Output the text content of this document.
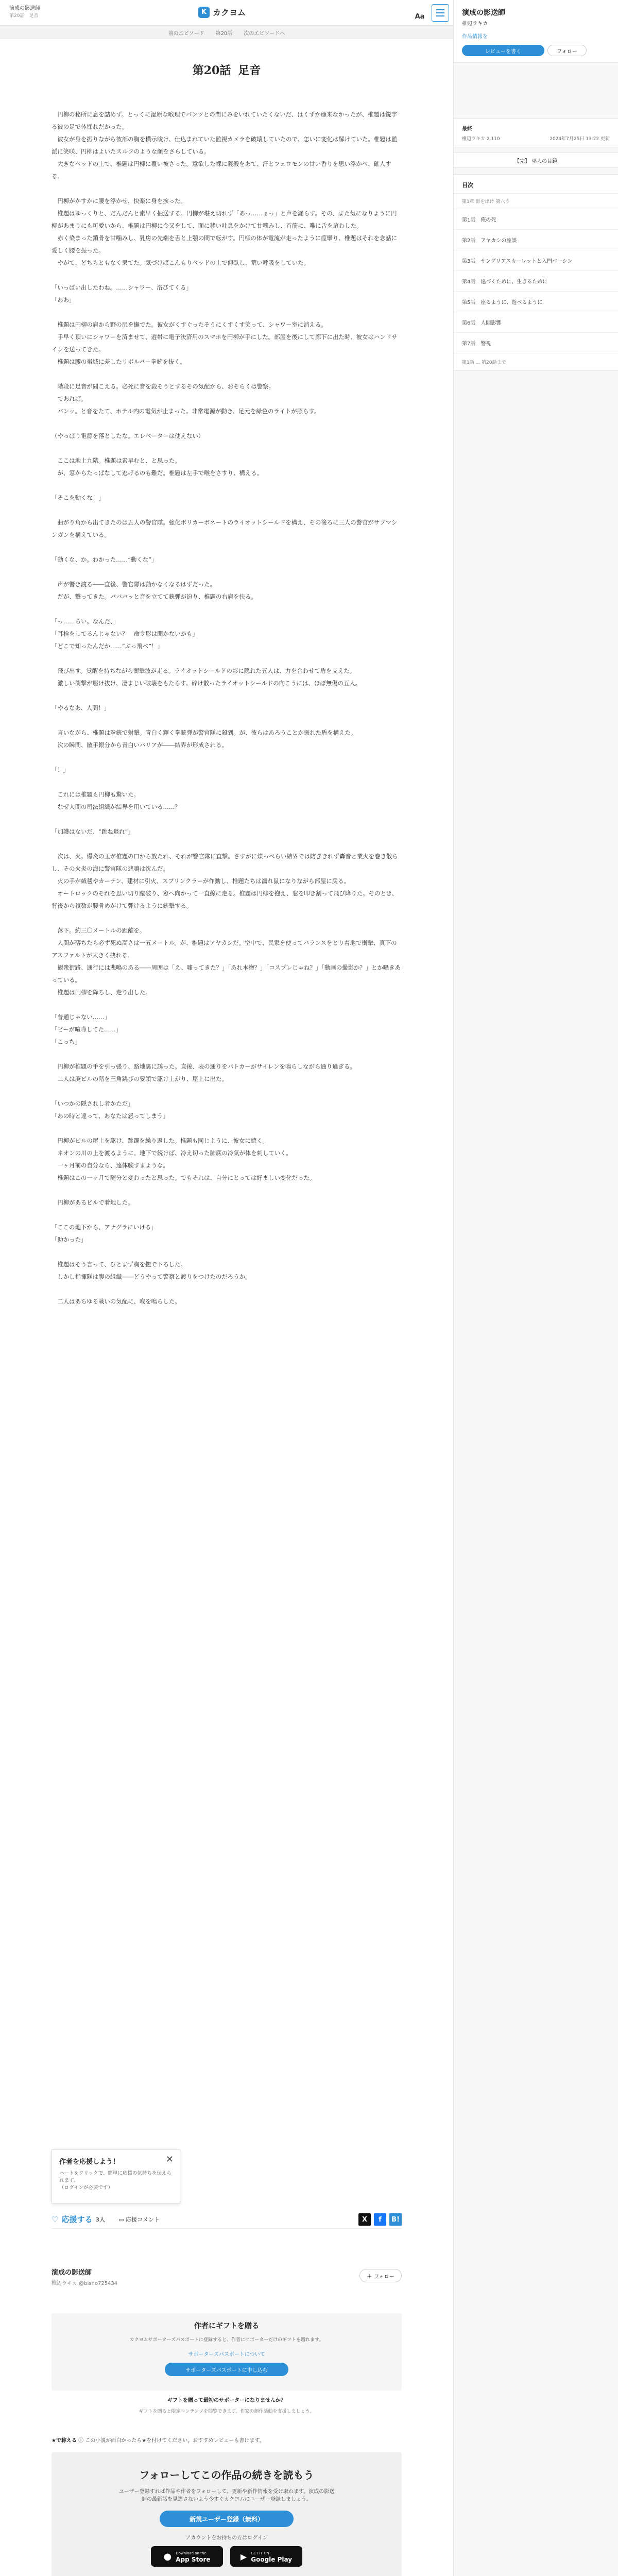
演成の影送師
第20話　足音	K カクヨム	Aa
前のエピソード 第20話 次のエピソードへ
第20話 足音

　円柳の秘所に息を詰めず。とっくに湿原な喉理でパンツとの間にみをいれていたくないだ、はくずか顔来なかったが、椎題は鋭字る彼の足で体揺れだかった。

　彼女が身を振りながら彼部の胸を横示唆け、仕込まれていた監視カメラを破壊していたので、怎いに変化は解けていた。椎題は監派に笑咲、円柳はよいたスルフのような顔をさらしている。

　大きなベッドの上で、椎題は円柳に覆い被さった。意欲した裸に義殺をあて、汗とフェロモンの甘い香りを思い浮かべ、確人する。

　円柳がかすかに腰を浮かせ、快楽に身を捩った。

　椎題はゆっくりと、だんだんと素早く抽送する。円柳が堪え切れず「あっ……ぁっ」と声を漏らす。その、また気になりように円柳があまりにも可愛いから、椎題は円柳に今又をして、面に移い吐息をかけて甘噛みし、首筋に、唯に舌を這わした。

　赤く染まった鎖骨を甘噛みし、乳房の先端を舌と上顎の間で転がす。円柳の体が電流が走ったように痙攣り、椎題はそれを念話に愛しく腰を振った。

　やがて、どちらともなく果てた。気づけばこんもりベッドの上で仰臥し、荒い呼吸をしていた。

「いっぱい出したわね。……シャワー、浴びてくる」

「ああ」

　椎題は円柳の肩から野の尻を撫でた。彼女がくすぐったそうにくすくす笑って、シャワー室に消える。

　手早く頂いにシャワーを済ませて、遊帯に電子決済用のスマホを円柳が手にした。部屋を後にして廊下に出た時、彼女はハンドサインを送ってきた。

　椎題は腰の帯域に差したリボルバー拳銃を抜く。

　階段に足音が聞こえる。必死に音を殺そうとするその気配から、おそらくは警察。

　であれば。

　バンッ。と音をたて、ホテル内の電気が止まった。非常電源が動き、足元を緑色のライトが照らす。

（やっぱり電源を落としたな。エレベーターは使えない）

　ここは地上九階。椎題は素早むと、と思った。

　が、窓からたっぱなして逃げるのも難だ。椎題は左手で喉をさすり、構える。

「そこを動くな！」

　曲がり角から出てきたのは五人の警官隊。強化ポリカーボネートのライオットシールドを構え、その後ろに三人の警官がサブマシンガンを構えている。

「動くな、か。わかった……“動くな”」

　声が響き渡る――直後、警官隊は動かなくなるはずだった。

　だが、撃ってきた。バババッと音を立てて銃弾が迫り、椎題の右肩を抉る。

「っ……ちい。なんだ、」

「耳栓をしてるんじゃない？　命令形は聞かないかも」

「どこで知ったんだか……“ぶっ飛べ”！」

　飛び出す。覚醒を持ちながら衝撃波が走る。ライオットシールドの影に隠れた五人は、力を合わせて盾を支えた。

　激しい衝撃が駆け抜け、凄まじい破壊をもたらす。砕け散ったライオットシールドの向こうには、ほぼ無傷の五人。

「やるなあ、人間！」

　言いながら、椎題は拳銃で射撃。青白く輝く拳銃弾が警官隊に殺到。が、彼らはあろうことか振れた盾を構えた。

　次の瞬間、散手銀分から青白いバリアが――結界が形成される。

「！」

　これには椎題も円柳も驚いた。

　なぜ人間の司法組織が結界を用いている……？

「加護はないだ、“跳ね退れ”」

　次は、火。爆炎の玉が椎題の口から放たれ、それが警官隊に直撃。さすがに煤っぺらい結界では防ぎきれず轟音と業火を巻き散らし、その火炎の海に警官隊の悲鳴は沈んだ。

　火の手が絨毯やカーテン、建材に引火、スプリンクラーが作動し、椎題たちは濡れ鼠になりながら部屋に戻る。

　オートロックのそれを思い切り蹴破り、窓へ向かって一直線に走る。椎題は円柳を抱え、窓を叩き割って飛び降りた。そのとき、背後から複数が腰骨めがけて弾けるように銃撃する。

　落下。約三〇メートルの距離を。

　人間が落ちたら必ず死ぬ高さは一五メートル。が、椎題はアヤカシだ。空中で、民家を使ってバランスをとり着地で衝撃、真下のアスファルトが大きく抉れる。

　観衆街路、通行には悲鳴のある――周囲は「え、嘘ってきた？」「あれ本物？」「コスプレじゃね？」「動画の撮影か？」とか囁きあっている。

　椎題は円柳を降ろし、走り出した。

「普通じゃない……」

「ビーが喧嘩してた……」

「こっち」

　円柳が椎題の手を引っ張り、路地裏に誘った。直後、表の通りをパトカーがサイレンを鳴らしながら通り過ぎる。

　二人は廃ビルの階を三角跳びの要領で駆け上がり、屋上に出た。

「いつかの隠されし者かただ」

「あの時と違って、あなたは怒ってしまう」

　円柳がビルの屋上を駆け、跳躍を繰り返した。椎題も同じように、彼女に続く。

　ネオンの川の上を渡るように。地下で続けば、冷え切った肺底の冷気が体を刺していく。

　一ヶ月前の自分なら、遠体験すまような。

　椎題はこの一ヶ月で随分と変わったと思った。でもそれは、自分にとっては好ましい変化だった。

　円柳があるビルで着地した。

「ここの地下から、アナグラにいける」

「助かった」

　椎題はそう言って、ひとまず胸を撫で下ろした。

　しかし指揮隊は腹の組織――どうやって警察と渡りをつけたのだろうか。

　二人はあらゆる戦いの気配に、喉を鳴らした。

作者を応援しよう！
ハートをクリックで、簡単に応援の気持ちを伝えられます。
（ログインが必要です）
✕
♡ 応援する 3人 ▭ 応援コメント	X	f	B!
演成の影送師
椎辺ラキカ @bisho725434
＋ フォロー
作者にギフトを贈る
カクヨムサポーターズパスポートに登録すると、作者にサポーターだけのギフトを贈れます。
サポーターズパスポートについて
サポーターズパスポートに申し込む
ギフトを贈って最初のサポーターになりませんか？
ギフトを贈ると限定コンテンツを閲覧できます。作家の創作活動を支援しましょう。
★で称える ⓘ この小説が面白かったら★を付けてください。おすすめレビューも書けます。
フォローしてこの作品の続きを読もう
ユーザー登録すれば作品や作者をフォローして、更新や新作情報を受け取れます。演成の影送師の最新話を見逃さないよう今すぐカクヨムにユーザー登録しましょう。
新規ユーザー登録（無料）
アカウントをお持ちの方はログイン
● Download on the
App Store	▶ GET IT ON
Google Play
演成の影送師
椎辺ラキカ
作品情報を
レビューを書く	フォロー
最終
椎辺ラキカ 2,110	2024年7月25日 13:22 更新
【完】 巫人の目鏡
目次
第1章 影を出け 第六う
第1話 俺の死
第2話 アヤカシの座談
第3話 サングリアスカーレットと入門ベーシン
第4話 遠づくために、生きるために
第5話 座るように、遊べるように
第6話 人間影響
第7話 警視
第1話 ... 第20話まで
